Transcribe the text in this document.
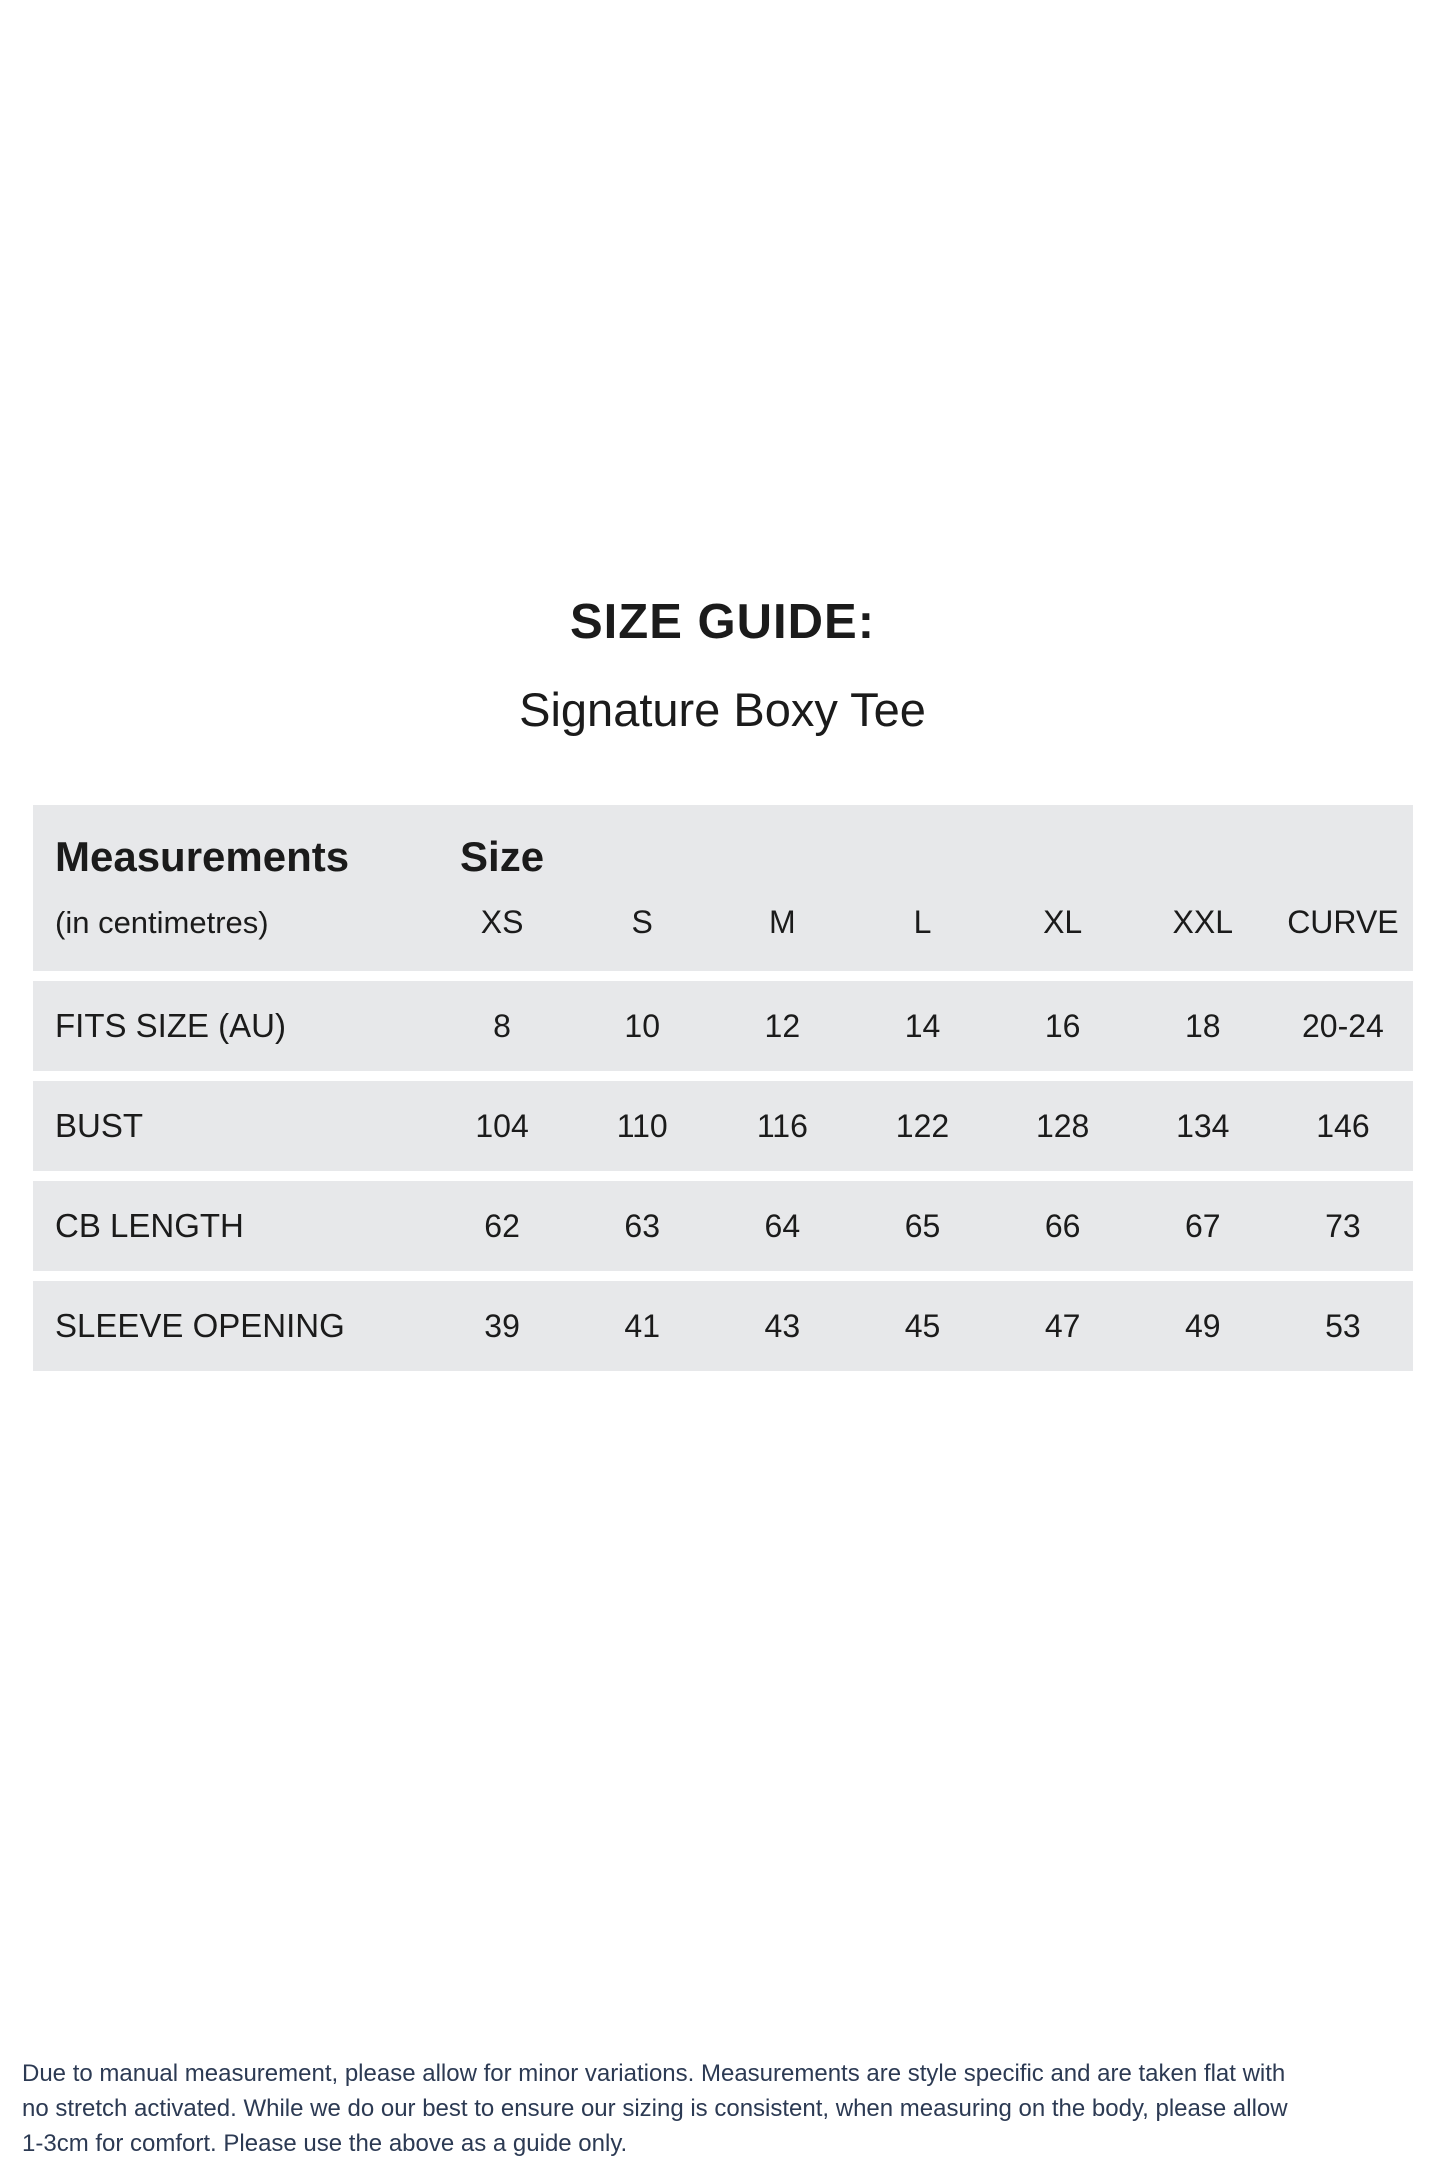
SIZE GUIDE:
Signature Boxy Tee
Measurements	Size
(in centimetres)	XS	S	M	L	XL	XXL	CURVE
FITS SIZE (AU)	8	10	12	14	16	18	20-24
BUST	104	110	116	122	128	134	146
CB LENGTH	62	63	64	65	66	67	73
SLEEVE OPENING	39	41	43	45	47	49	53
Due to manual measurement, please allow for minor variations. Measurements are style specific and are taken flat with
no stretch activated. While we do our best to ensure our sizing is consistent, when measuring on the body, please allow
1-3cm for comfort. Please use the above as a guide only.
